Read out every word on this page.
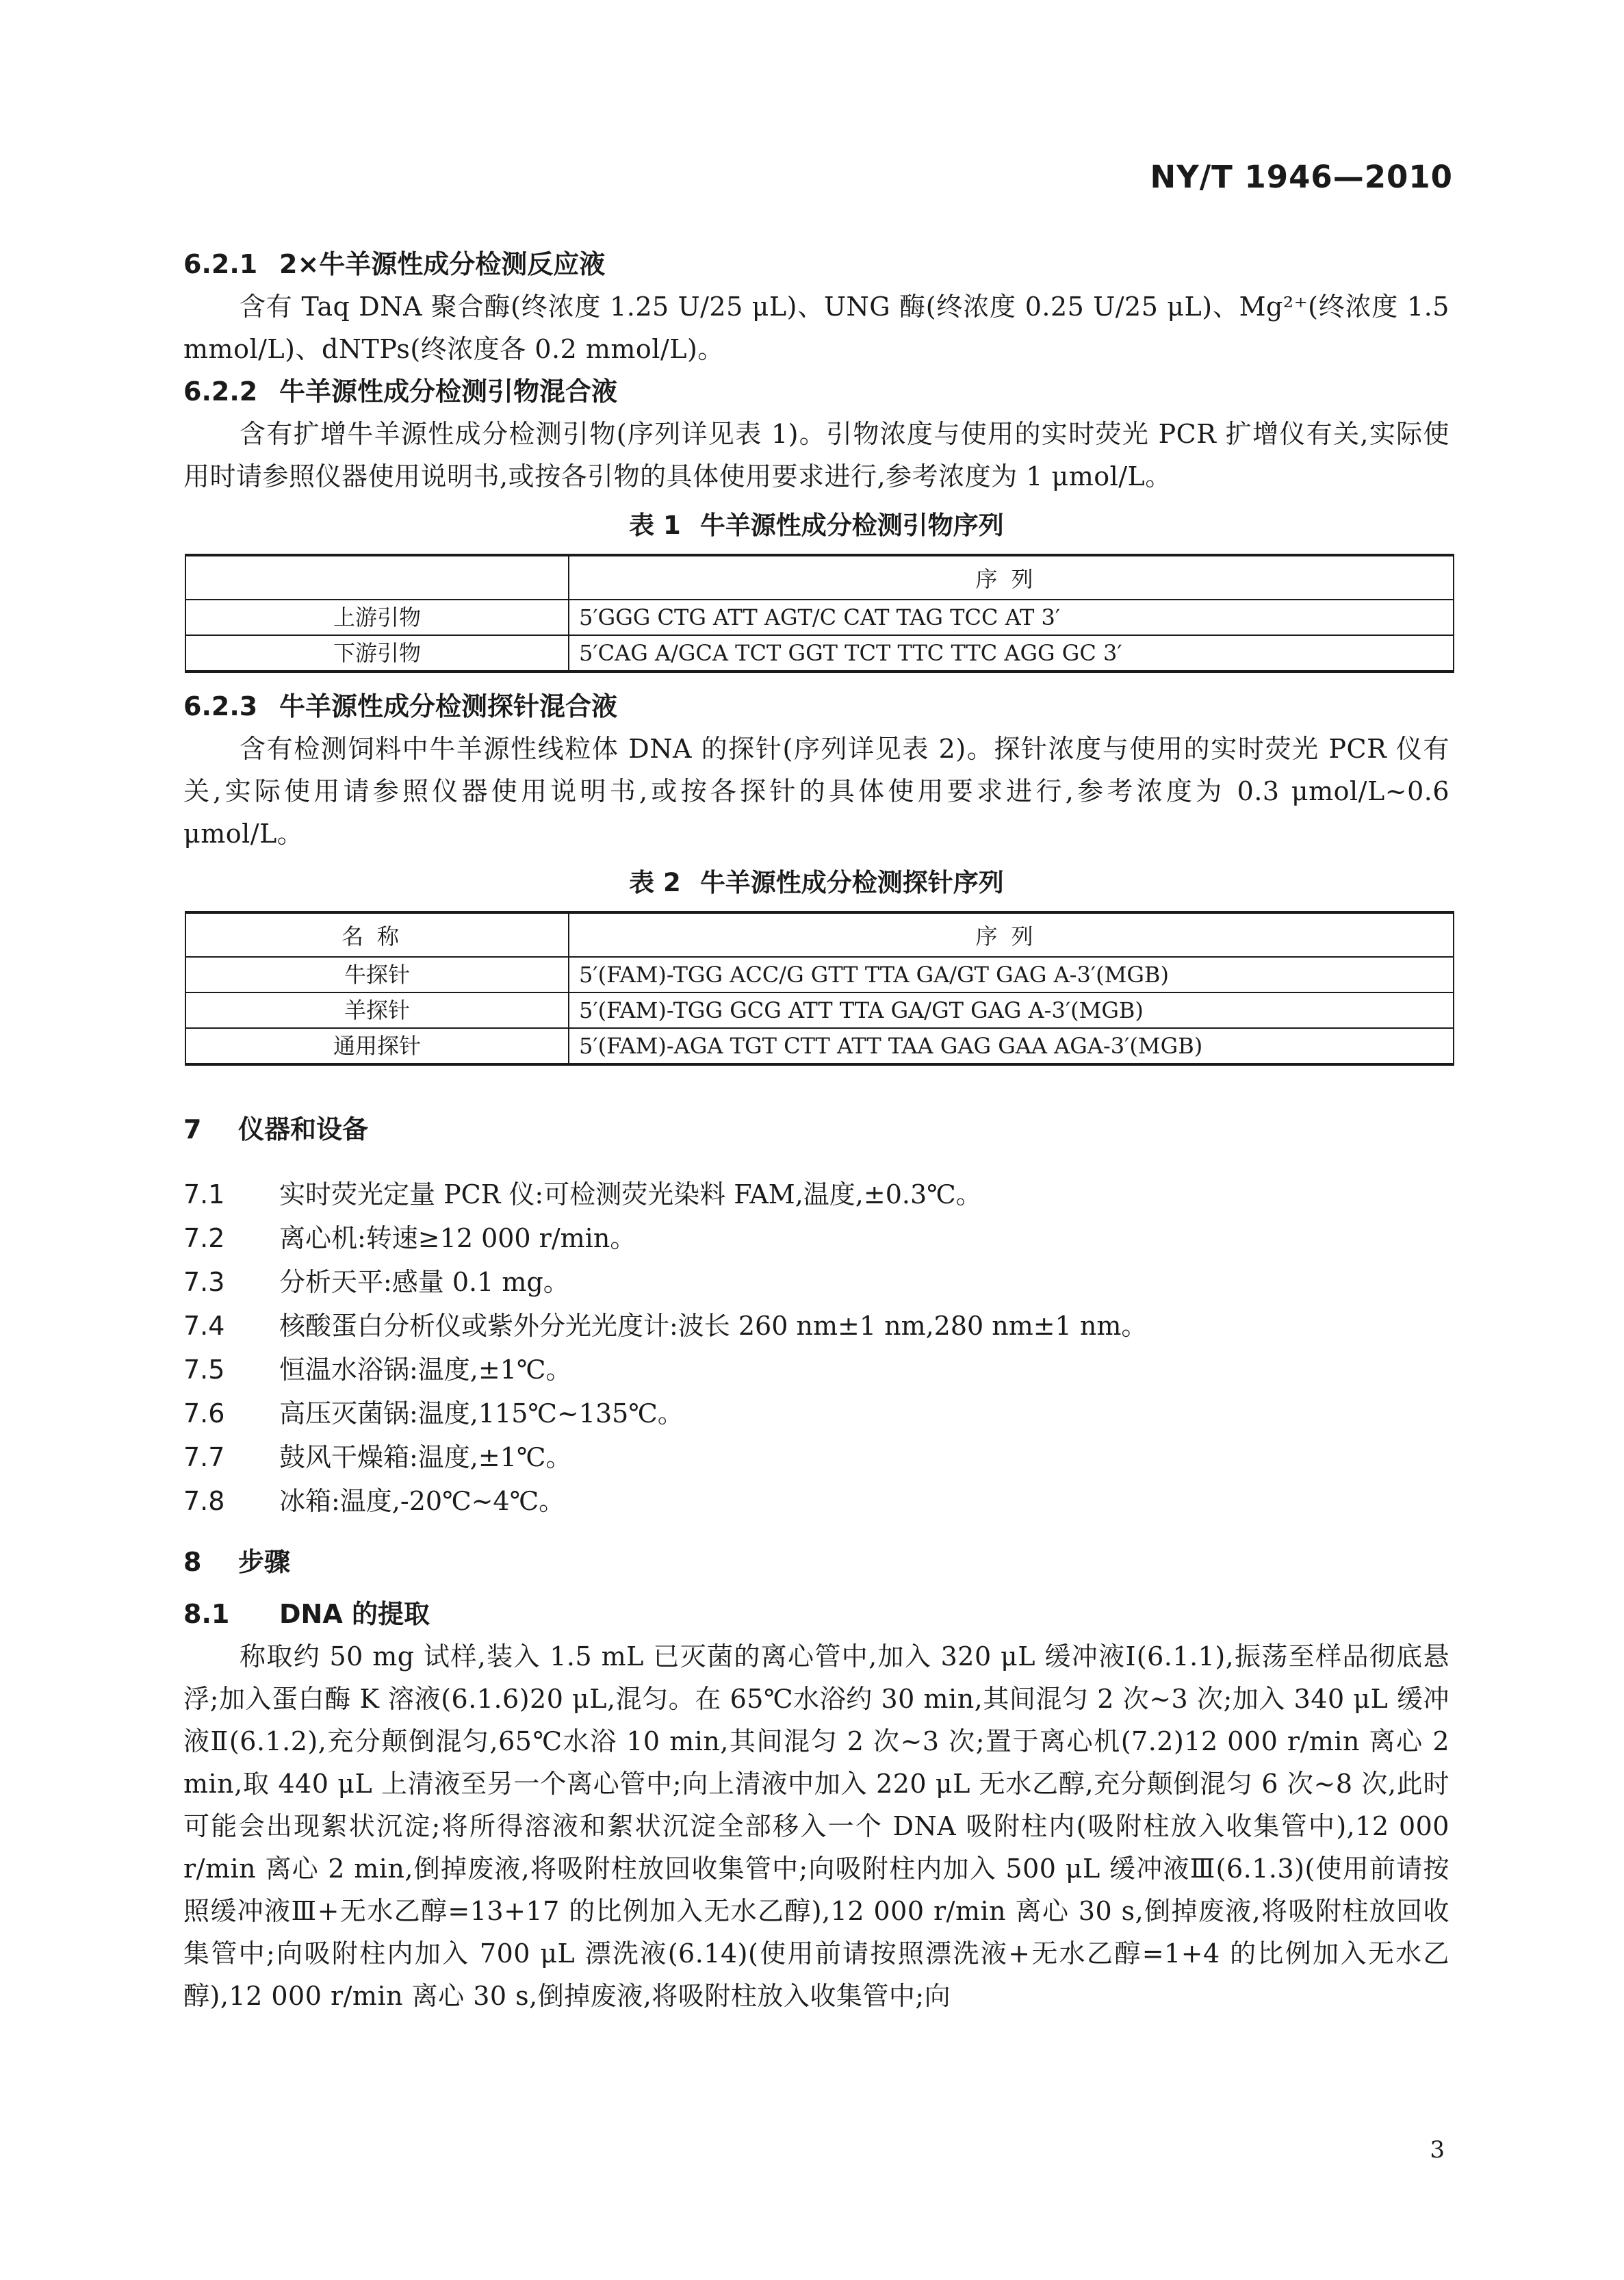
NY/T 1946—2010

6.2.1 2×牛羊源性成分检测反应液

含有 Taq DNA 聚合酶(终浓度 1.25 U/25 μL)、UNG 酶(终浓度 0.25 U/25 μL)、Mg²⁺(终浓度 1.5 mmol/L)、dNTPs(终浓度各 0.2 mmol/L)。

6.2.2 牛羊源性成分检测引物混合液

含有扩增牛羊源性成分检测引物(序列详见表 1)。引物浓度与使用的实时荧光 PCR 扩增仪有关,实际使用时请参照仪器使用说明书,或按各引物的具体使用要求进行,参考浓度为 1 μmol/L。

表 1 牛羊源性成分检测引物序列

	序列
上游引物	5′GGG CTG ATT AGT/C CAT TAG TCC AT 3′
下游引物	5′CAG A/GCA TCT GGT TCT TTC TTC AGG GC 3′

6.2.3 牛羊源性成分检测探针混合液

含有检测饲料中牛羊源性线粒体 DNA 的探针(序列详见表 2)。探针浓度与使用的实时荧光 PCR 仪有关,实际使用请参照仪器使用说明书,或按各探针的具体使用要求进行,参考浓度为 0.3 μmol/L~0.6 μmol/L。

表 2 牛羊源性成分检测探针序列

名称	序列
牛探针	5′(FAM)-TGG ACC/G GTT TTA GA/GT GAG A-3′(MGB)
羊探针	5′(FAM)-TGG GCG ATT TTA GA/GT GAG A-3′(MGB)
通用探针	5′(FAM)-AGA TGT CTT ATT TAA GAG GAA AGA-3′(MGB)

7 仪器和设备

7.1 实时荧光定量 PCR 仪:可检测荧光染料 FAM,温度,±0.3℃。

7.2 离心机:转速≥12 000 r/min。

7.3 分析天平:感量 0.1 mg。

7.4 核酸蛋白分析仪或紫外分光光度计:波长 260 nm±1 nm,280 nm±1 nm。

7.5 恒温水浴锅:温度,±1℃。

7.6 高压灭菌锅:温度,115℃~135℃。

7.7 鼓风干燥箱:温度,±1℃。

7.8 冰箱:温度,-20℃~4℃。

8 步骤

8.1 DNA 的提取

称取约 50 mg 试样,装入 1.5 mL 已灭菌的离心管中,加入 320 μL 缓冲液Ⅰ(6.1.1),振荡至样品彻底悬浮;加入蛋白酶 K 溶液(6.1.6)20 μL,混匀。在 65℃水浴约 30 min,其间混匀 2 次~3 次;加入 340 μL 缓冲液Ⅱ(6.1.2),充分颠倒混匀,65℃水浴 10 min,其间混匀 2 次~3 次;置于离心机(7.2)12 000 r/min 离心 2 min,取 440 μL 上清液至另一个离心管中;向上清液中加入 220 μL 无水乙醇,充分颠倒混匀 6 次~8 次,此时可能会出现絮状沉淀;将所得溶液和絮状沉淀全部移入一个 DNA 吸附柱内(吸附柱放入收集管中),12 000 r/min 离心 2 min,倒掉废液,将吸附柱放回收集管中;向吸附柱内加入 500 μL 缓冲液Ⅲ(6.1.3)(使用前请按照缓冲液Ⅲ+无水乙醇=13+17 的比例加入无水乙醇),12 000 r/min 离心 30 s,倒掉废液,将吸附柱放回收集管中;向吸附柱内加入 700 μL 漂洗液(6.14)(使用前请按照漂洗液+无水乙醇=1+4 的比例加入无水乙醇),12 000 r/min 离心 30 s,倒掉废液,将吸附柱放入收集管中;向

3
